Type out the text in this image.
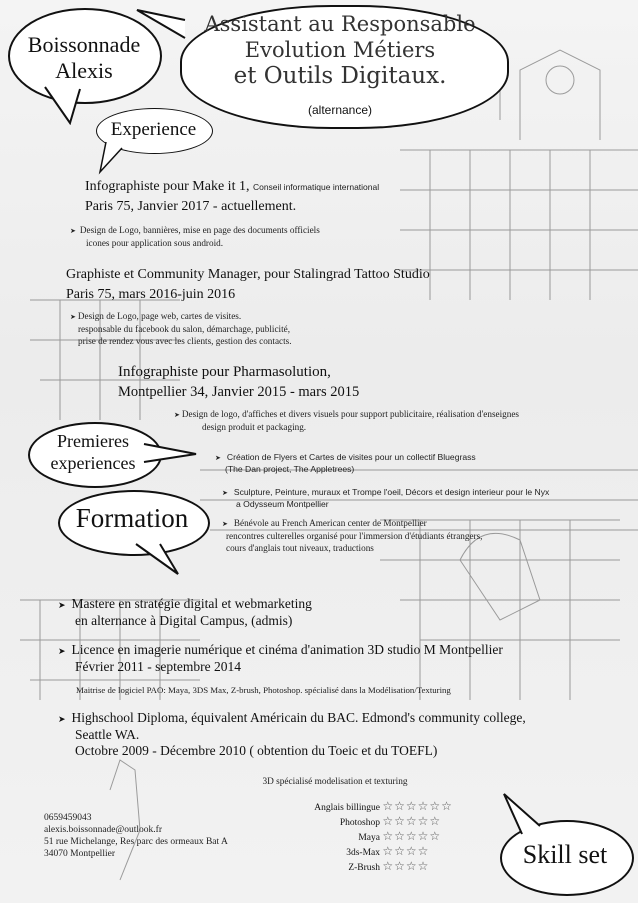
Boissonnade
Alexis
Assistant au Responsable
Evolution Métiers
et Outils Digitaux.
(alternance)
Experience
Infographiste pour Make it 1, Conseil informatique international
Paris 75, Janvier 2017 - actuellement.
➤ Design de Logo, bannières, mise en page des documents officiels
icones pour application sous android.
Graphiste et Community Manager, pour Stalingrad Tattoo Studio
Paris 75, mars 2016-juin 2016
➤ Design de Logo, page web, cartes de visites.
responsable du facebook du salon, démarchage, publicité,
prise de rendez vous avec les clients, gestion des contacts.
Infographiste pour Pharmasolution,
Montpellier 34, Janvier 2015 - mars 2015
➤ Design de logo, d'affiches et divers visuels pour support publicitaire, réalisation d'enseignes
design produit et packaging.
Premieres
experiences	➤ Création de Flyers et Cartes de visites pour un collectif Bluegrass
(The Dan project, The Appletrees)
➤ Sculpture, Peinture, muraux et Trompe l'oeil, Décors et design interieur pour le Nyx
a Odysseum Montpellier
➤ Bénévole au French American center de Montpellier
rencontres culterelles organisé pour l'immersion d'étudiants étrangers,
cours d'anglais tout niveaux, traductions
Formation
➤ Mastere en stratégie digital et webmarketing
en alternance à Digital Campus, (admis)
➤ Licence en imagerie numérique et cinéma d'animation 3D studio M Montpellier
Février 2011 - septembre 2014
Maitrise de logiciel PAO: Maya, 3DS Max, Z-brush, Photoshop. spécialisé dans la Modélisation/Texturing
➤ Highschool Diploma, équivalent Américain du BAC. Edmond's community college,
Seattle WA.
Octobre 2009 - Décembre 2010 ( obtention du Toeic et du TOEFL)
3D spécialisé modelisation et texturing
Anglais billingue ☆☆☆☆☆☆
Photoshop ☆☆☆☆☆
Maya ☆☆☆☆☆
3ds-Max ☆☆☆☆
Z-Brush ☆☆☆☆
0659459043
alexis.boissonnade@outlook.fr
51 rue Michelange, Res parc des ormeaux Bat A
34070 Montpellier	Skill set
